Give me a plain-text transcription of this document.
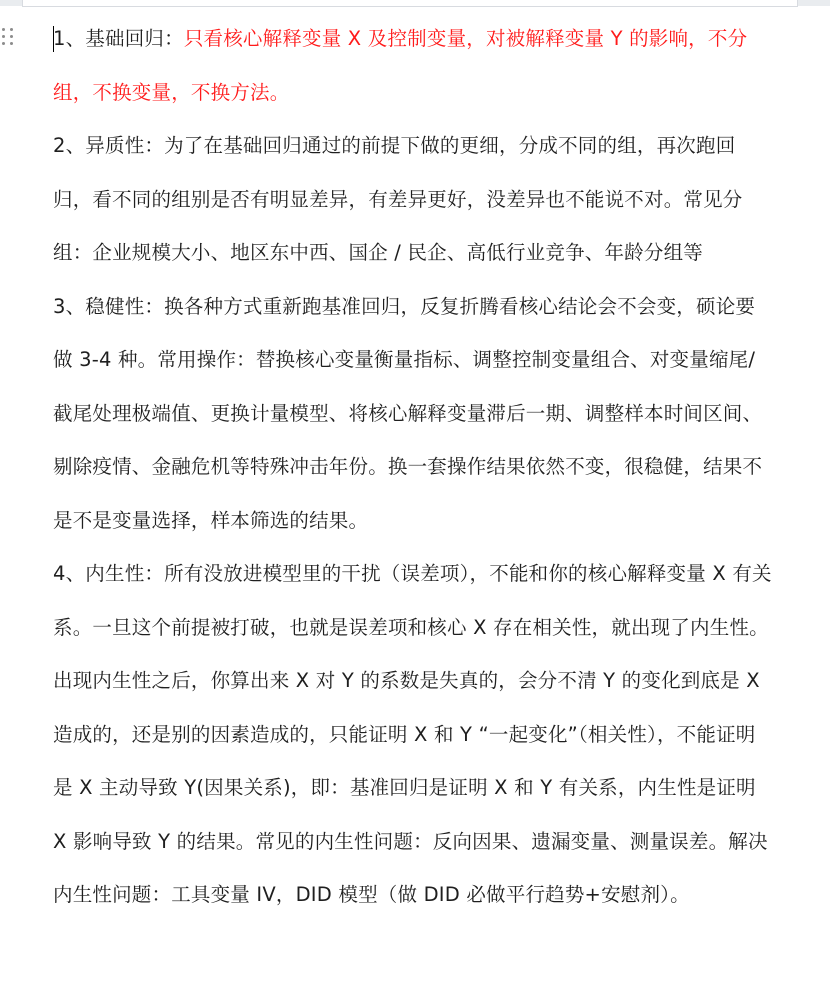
1、基础回归：只看核心解释变量 X 及控制变量，对被解释变量 Y 的影响，不分组，不换变量，不换方法。

2、异质性：为了在基础回归通过的前提下做的更细，分成不同的组，再次跑回归，看不同的组别是否有明显差异，有差异更好，没差异也不能说不对。常见分组：企业规模大小、地区东中西、国企 / 民企、高低行业竞争、年龄分组等

3、稳健性：换各种方式重新跑基准回归，反复折腾看核心结论会不会变，硕论要做 3-4 种。常用操作：替换核心变量衡量指标、调整控制变量组合、对变量缩尾/截尾处理极端值、更换计量模型、将核心解释变量滞后一期、调整样本时间区间、剔除疫情、金融危机等特殊冲击年份。换一套操作结果依然不变，很稳健，结果不是不是变量选择，样本筛选的结果。

4、内生性：所有没放进模型里的干扰（误差项），不能和你的核心解释变量 X 有关系。一旦这个前提被打破，也就是误差项和核心 X 存在相关性，就出现了内生性。出现内生性之后，你算出来 X 对 Y 的系数是失真的，会分不清 Y 的变化到底是 X 造成的，还是别的因素造成的，只能证明 X 和 Y “一起变化”（相关性），不能证明是 X 主动导致 Y(因果关系)，即：基准回归是证明 X 和 Y 有关系，内生性是证明 X 影响导致 Y 的结果。常见的内生性问题：反向因果、遗漏变量、测量误差。解决内生性问题：工具变量 IV，DID 模型（做 DID 必做平行趋势+安慰剂）。
